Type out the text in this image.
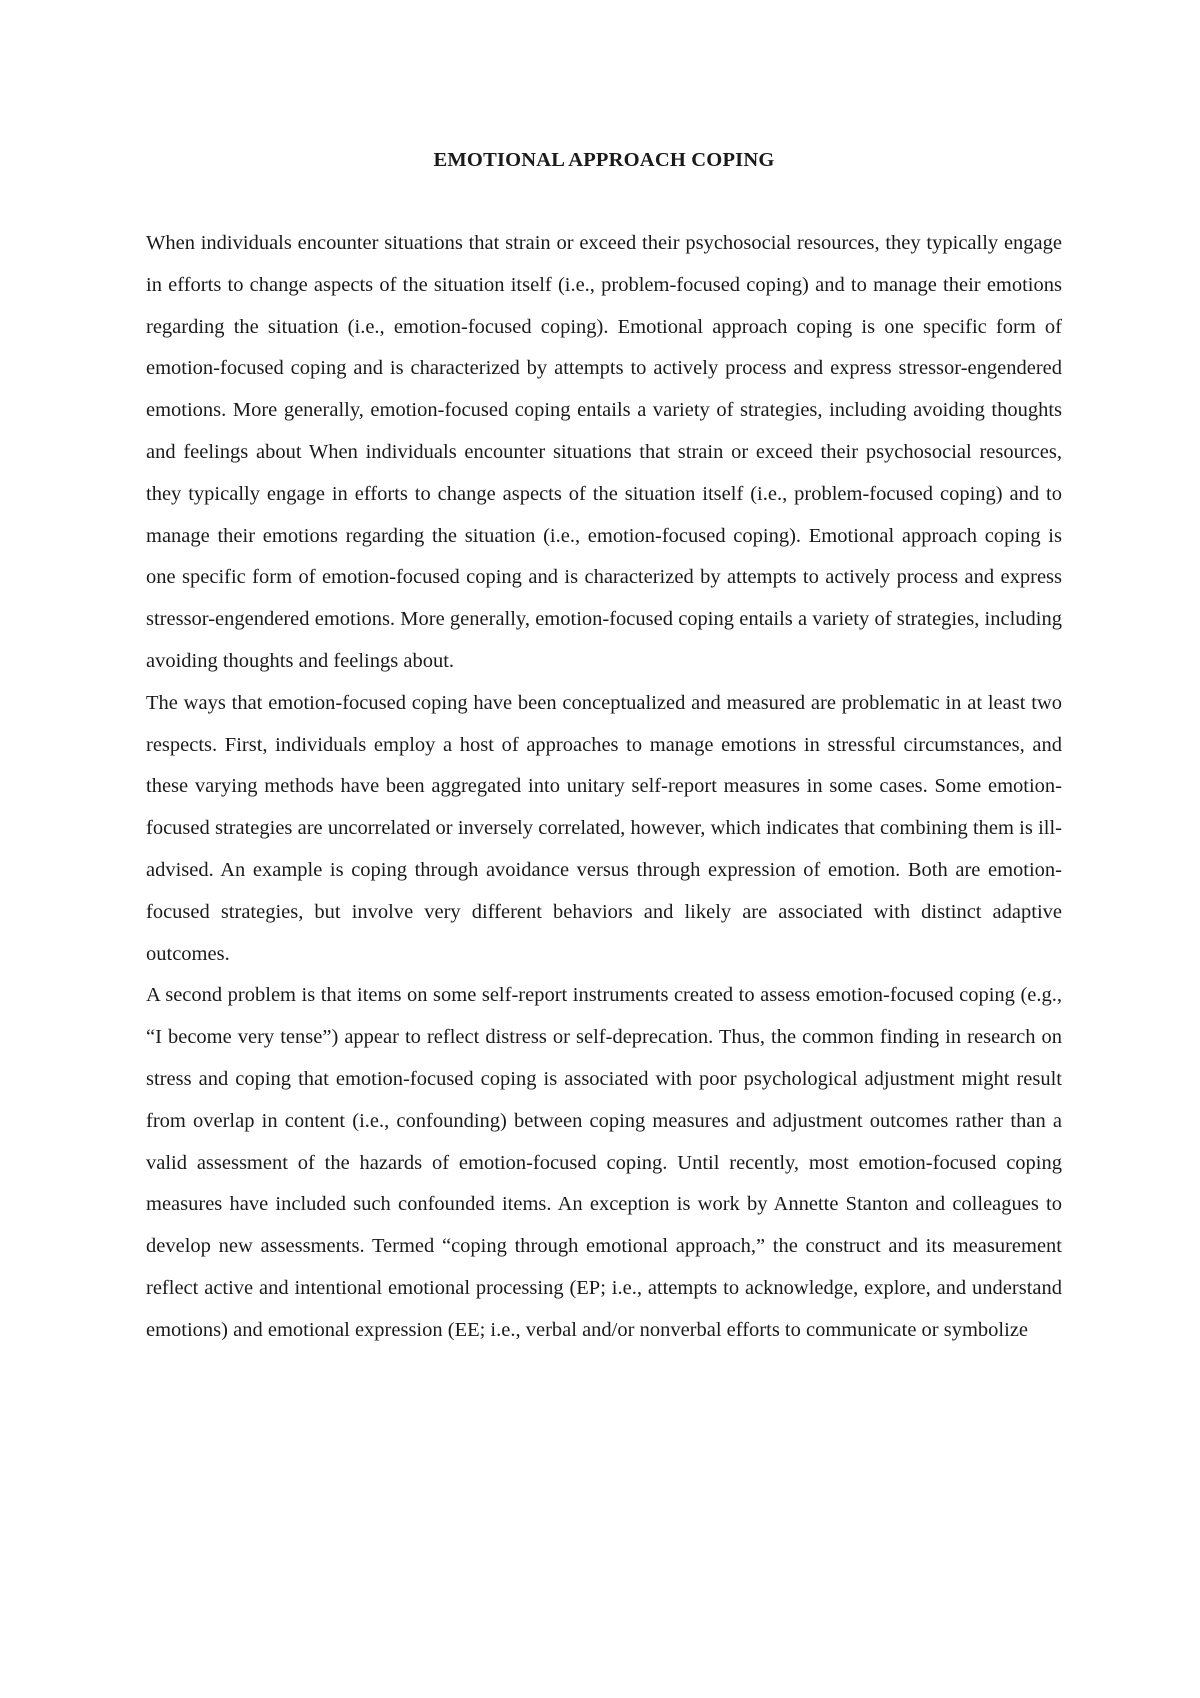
EMOTIONAL APPROACH COPING

When individuals encounter situations that strain or exceed their psychosocial resources, they typically engage in efforts to change aspects of the situation itself (i.e., problem-focused coping) and to manage their emotions regarding the situation (i.e., emotion-focused coping). Emotional approach coping is one specific form of emotion-focused coping and is characterized by attempts to actively process and express stressor-engendered emotions. More generally, emotion-focused coping entails a variety of strategies, including avoiding thoughts and feelings about When individuals encounter situations that strain or exceed their psychosocial resources, they typically engage in efforts to change aspects of the situation itself (i.e., problem-focused coping) and to manage their emotions regarding the situation (i.e., emotion-focused coping). Emotional approach coping is one specific form of emotion-focused coping and is characterized by attempts to actively process and express stressor-engendered emotions. More generally, emotion-focused coping entails a variety of strategies, including avoiding thoughts and feelings about.

The ways that emotion-focused coping have been conceptualized and measured are problematic in at least two respects. First, individuals employ a host of approaches to manage emotions in stressful circumstances, and these varying methods have been aggregated into unitary self-report measures in some cases. Some emotion-focused strategies are uncorrelated or inversely correlated, however, which indicates that combining them is ill-advised. An example is coping through avoidance versus through expression of emotion. Both are emotion-focused strategies, but involve very different behaviors and likely are associated with distinct adaptive outcomes.

A second problem is that items on some self-report instruments created to assess emotion-focused coping (e.g., “I become very tense”) appear to reflect distress or self-deprecation. Thus, the common finding in research on stress and coping that emotion-focused coping is associated with poor psychological adjustment might result from overlap in content (i.e., confounding) between coping measures and adjustment outcomes rather than a valid assessment of the hazards of emotion-focused coping. Until recently, most emotion-focused coping measures have included such confounded items. An exception is work by Annette Stanton and colleagues to develop new assessments. Termed “coping through emotional approach,” the construct and its measurement reflect active and intentional emotional processing (EP; i.e., attempts to acknowledge, explore, and understand emotions) and emotional expression (EE; i.e., verbal and/or nonverbal efforts to communicate or symbolize
